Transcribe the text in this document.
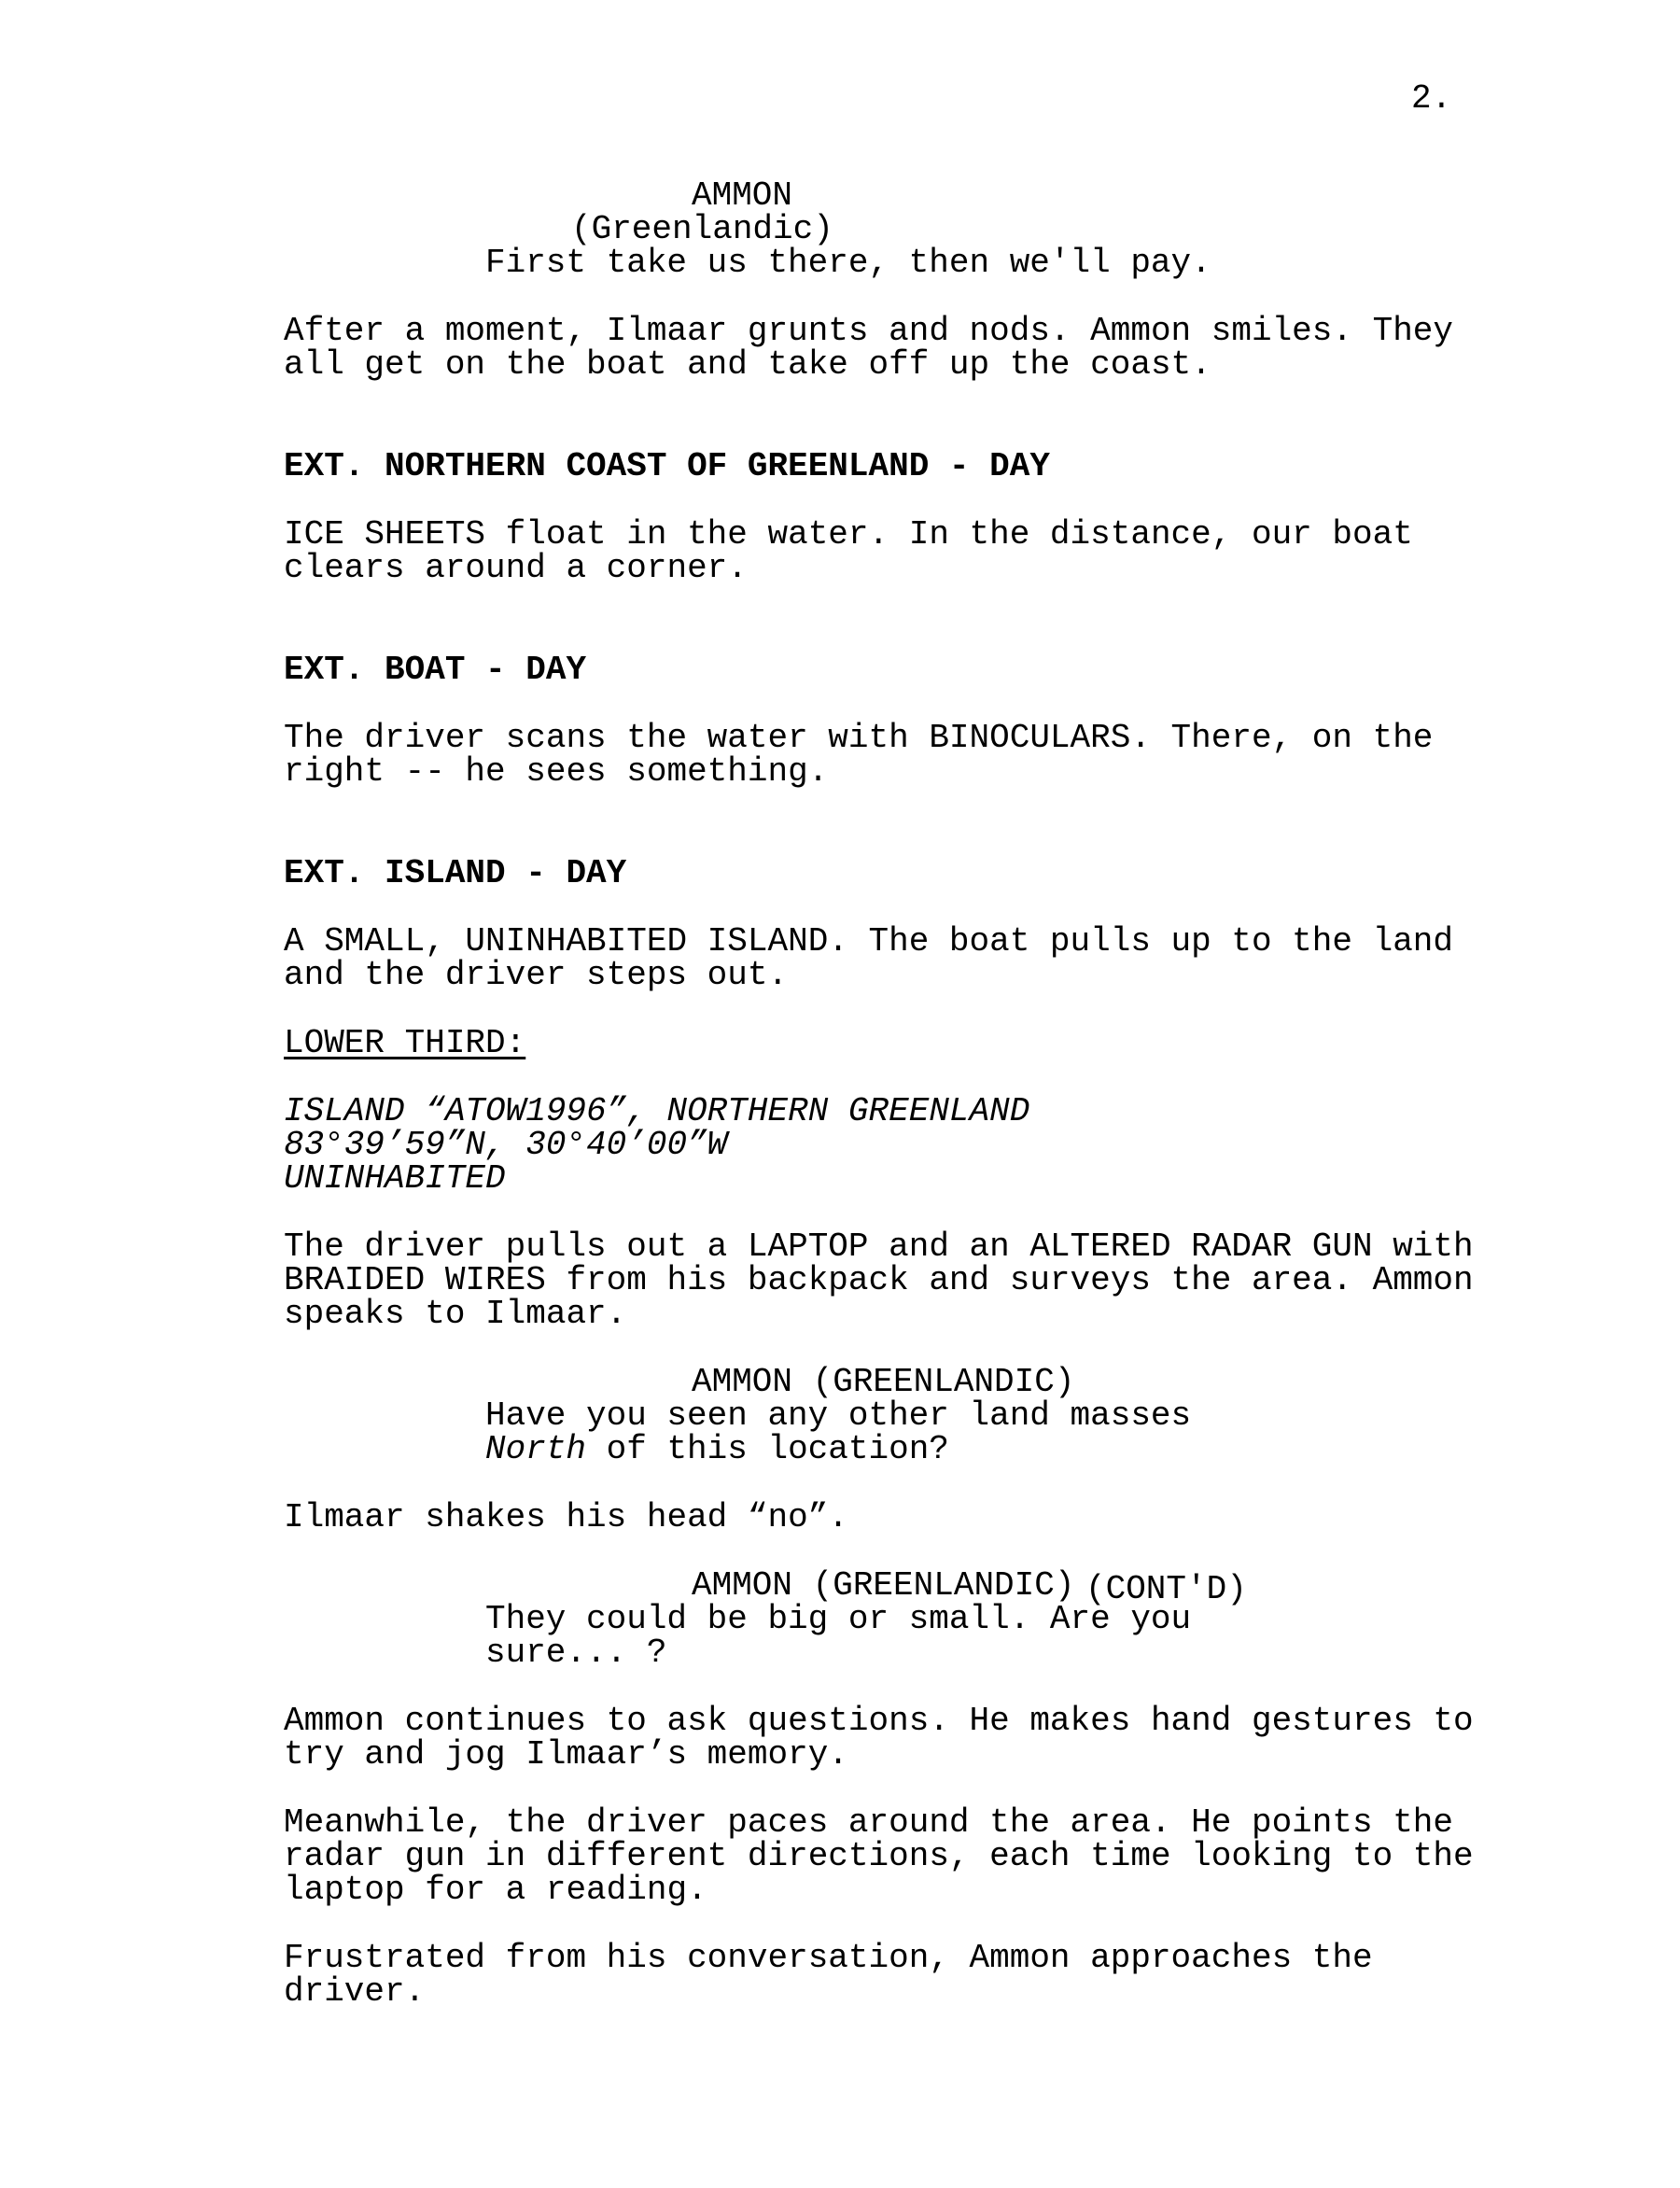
2.
AMMON
(Greenlandic)
First take us there, then we'll pay.
After a moment, Ilmaar grunts and nods. Ammon smiles. They
all get on the boat and take off up the coast.
EXT. NORTHERN COAST OF GREENLAND - DAY
ICE SHEETS float in the water. In the distance, our boat
clears around a corner.
EXT. BOAT - DAY
The driver scans the water with BINOCULARS. There, on the
right -- he sees something.
EXT. ISLAND - DAY
A SMALL, UNINHABITED ISLAND. The boat pulls up to the land
and the driver steps out.
LOWER THIRD:
ISLAND “ATOW1996”, NORTHERN GREENLAND
83°39’59”N, 30°40’00”W
UNINHABITED
The driver pulls out a LAPTOP and an ALTERED RADAR GUN with
BRAIDED WIRES from his backpack and surveys the area. Ammon
speaks to Ilmaar.
AMMON (GREENLANDIC)
Have you seen any other land masses
North of this location?
Ilmaar shakes his head “no”.
AMMON (GREENLANDIC) (CONT'D)
They could be big or small. Are you
sure... ?
Ammon continues to ask questions. He makes hand gestures to
try and jog Ilmaar’s memory.
Meanwhile, the driver paces around the area. He points the
radar gun in different directions, each time looking to the
laptop for a reading.
Frustrated from his conversation, Ammon approaches the
driver.
